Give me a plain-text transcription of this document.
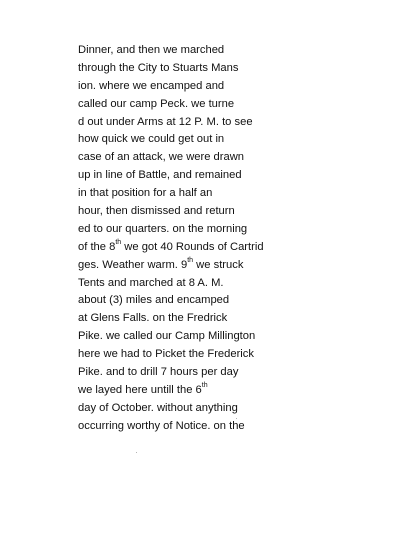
Dinner, and then we marched
through the City to Stuarts Mans
ion. where we encamped and
called our camp Peck. we turne
d out under Arms at 12 P. M. to see
how quick we could get out in
case of an attack, we were drawn
up in line of Battle, and remained
in that position for a half an
hour, then dismissed and return
ed to our quarters. on the morning
of the 8th we got 40 Rounds of Cartrid
ges. Weather warm. 9th we struck
Tents and marched at 8 A. M.
about (3) miles and encamped
at Glens Falls. on the Fredrick
Pike. we called our Camp Millington
here we had to Picket the Frederick
Pike. and to drill 7 hours per day
we layed here untill the 6th
day of October. without anything
occurring worthy of Notice. on the
